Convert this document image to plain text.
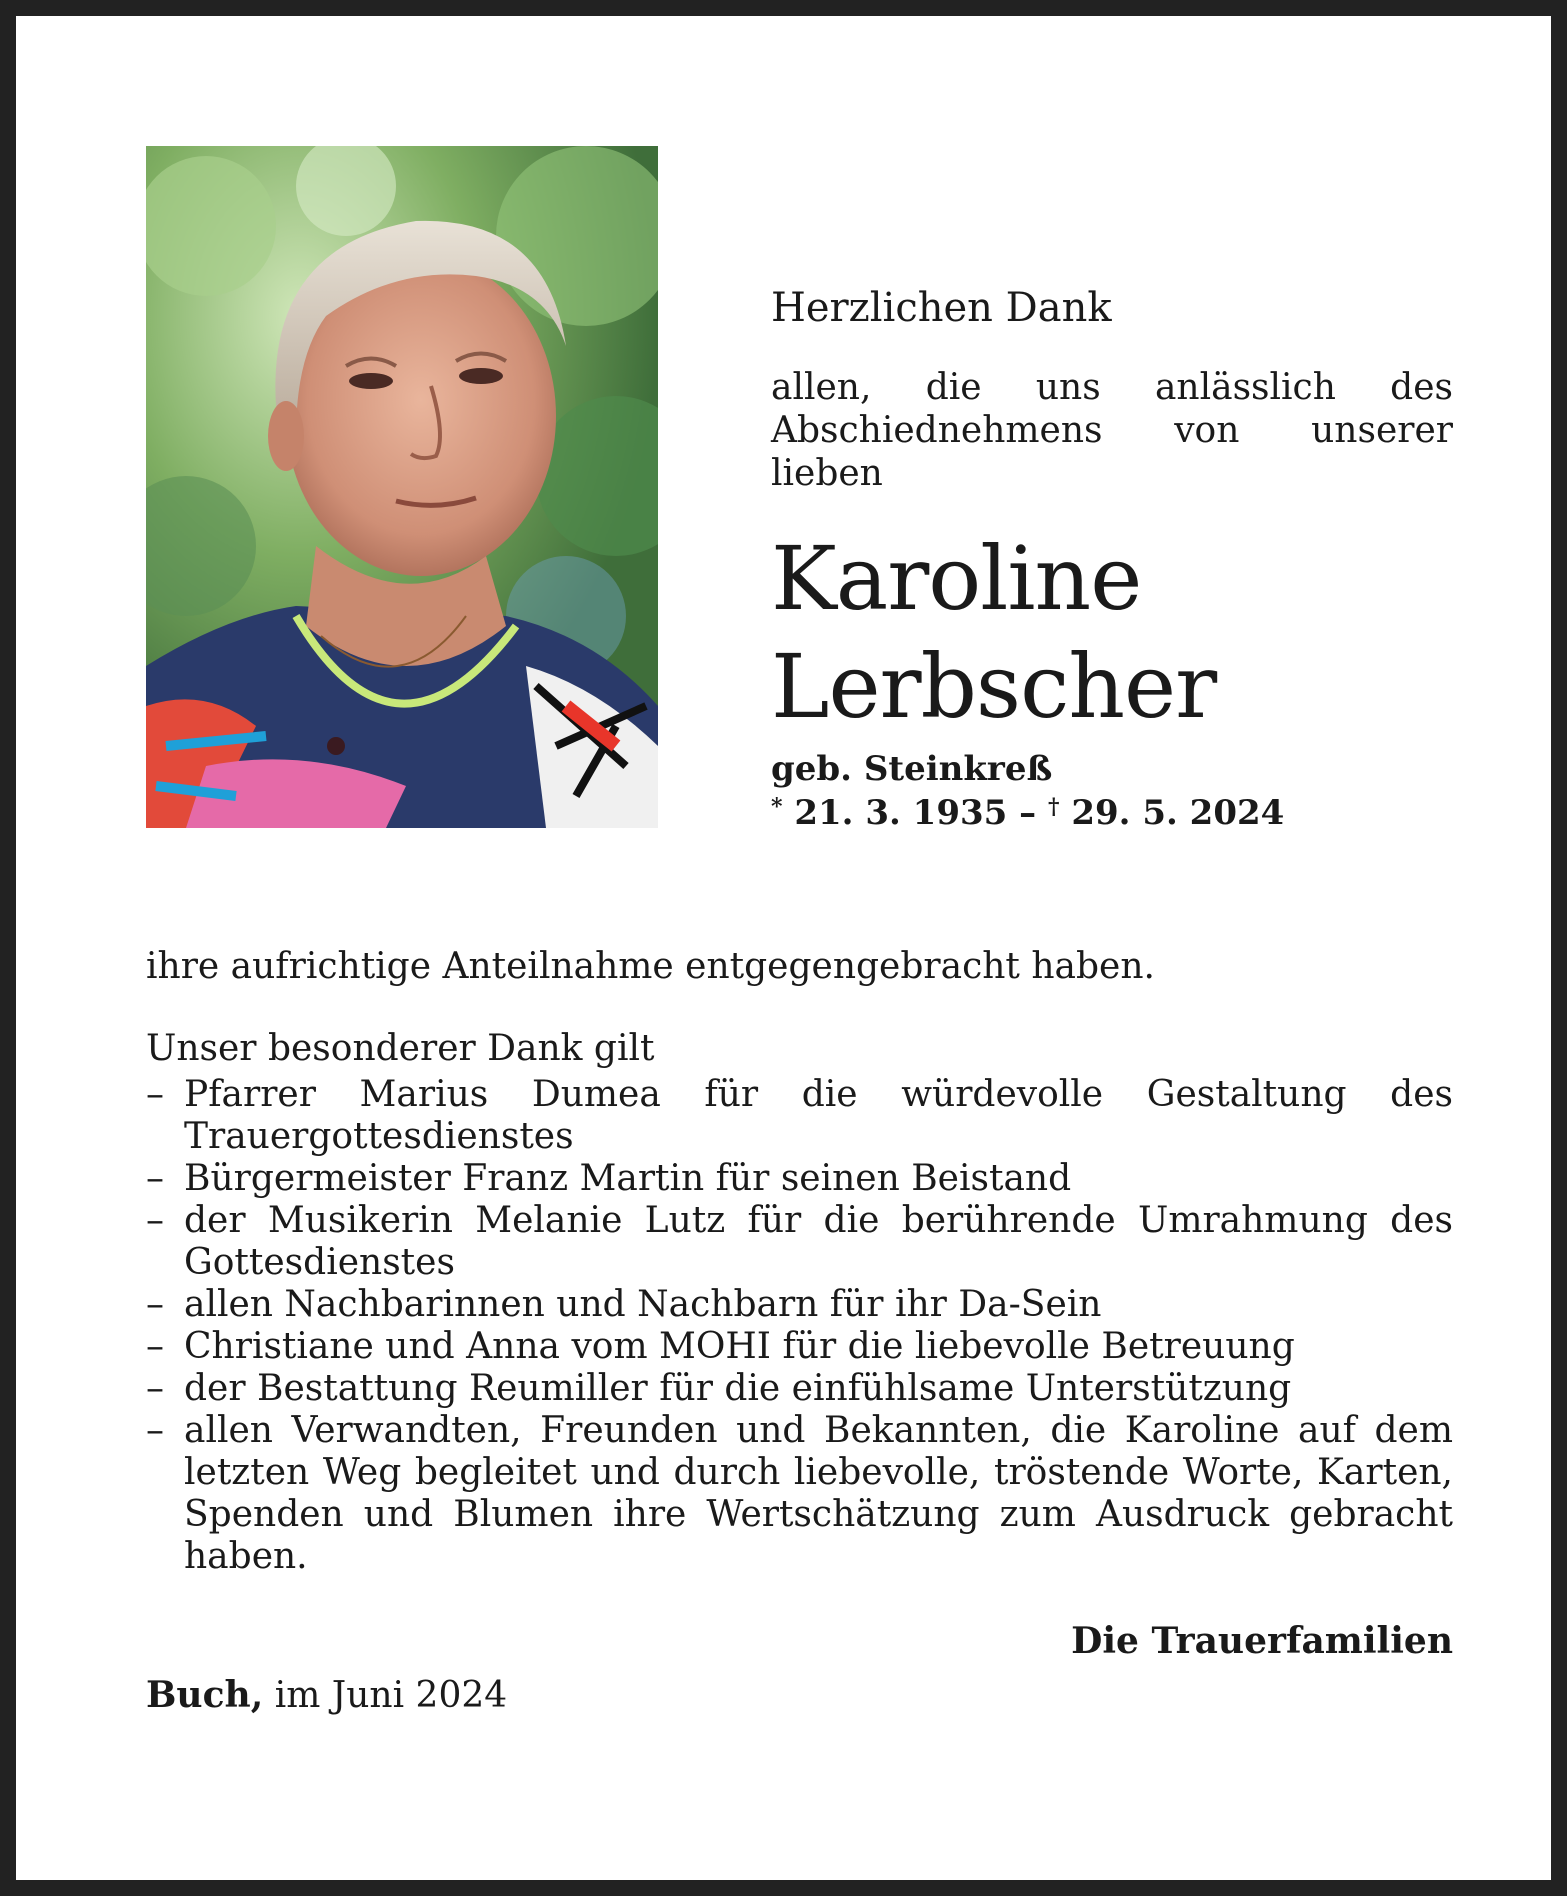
Herzlichen Dank

allen, die uns anlässlich des Abschiednehmens von unserer lieben

Karoline
Lerbscher

geb. Steinkreß

* 21. 3. 1935 – † 29. 5. 2024

ihre aufrichtige Anteilnahme entgegengebracht haben.

Unser besonderer Dank gilt

– Pfarrer Marius Dumea für die würdevolle Gestaltung des Trauergottesdienstes
– Bürgermeister Franz Martin für seinen Beistand
– der Musikerin Melanie Lutz für die berührende Umrahmung des Gottesdienstes
– allen Nachbarinnen und Nachbarn für ihr Da-Sein
– Christiane und Anna vom MOHI für die liebevolle Betreuung
– der Bestattung Reumiller für die einfühlsame Unterstützung
– allen Verwandten, Freunden und Bekannten, die Karoline auf dem letzten Weg begleitet und durch liebevolle, tröstende Worte, Karten, Spenden und Blumen ihre Wertschätzung zum Ausdruck gebracht haben.

Die Trauerfamilien

Buch, im Juni 2024
